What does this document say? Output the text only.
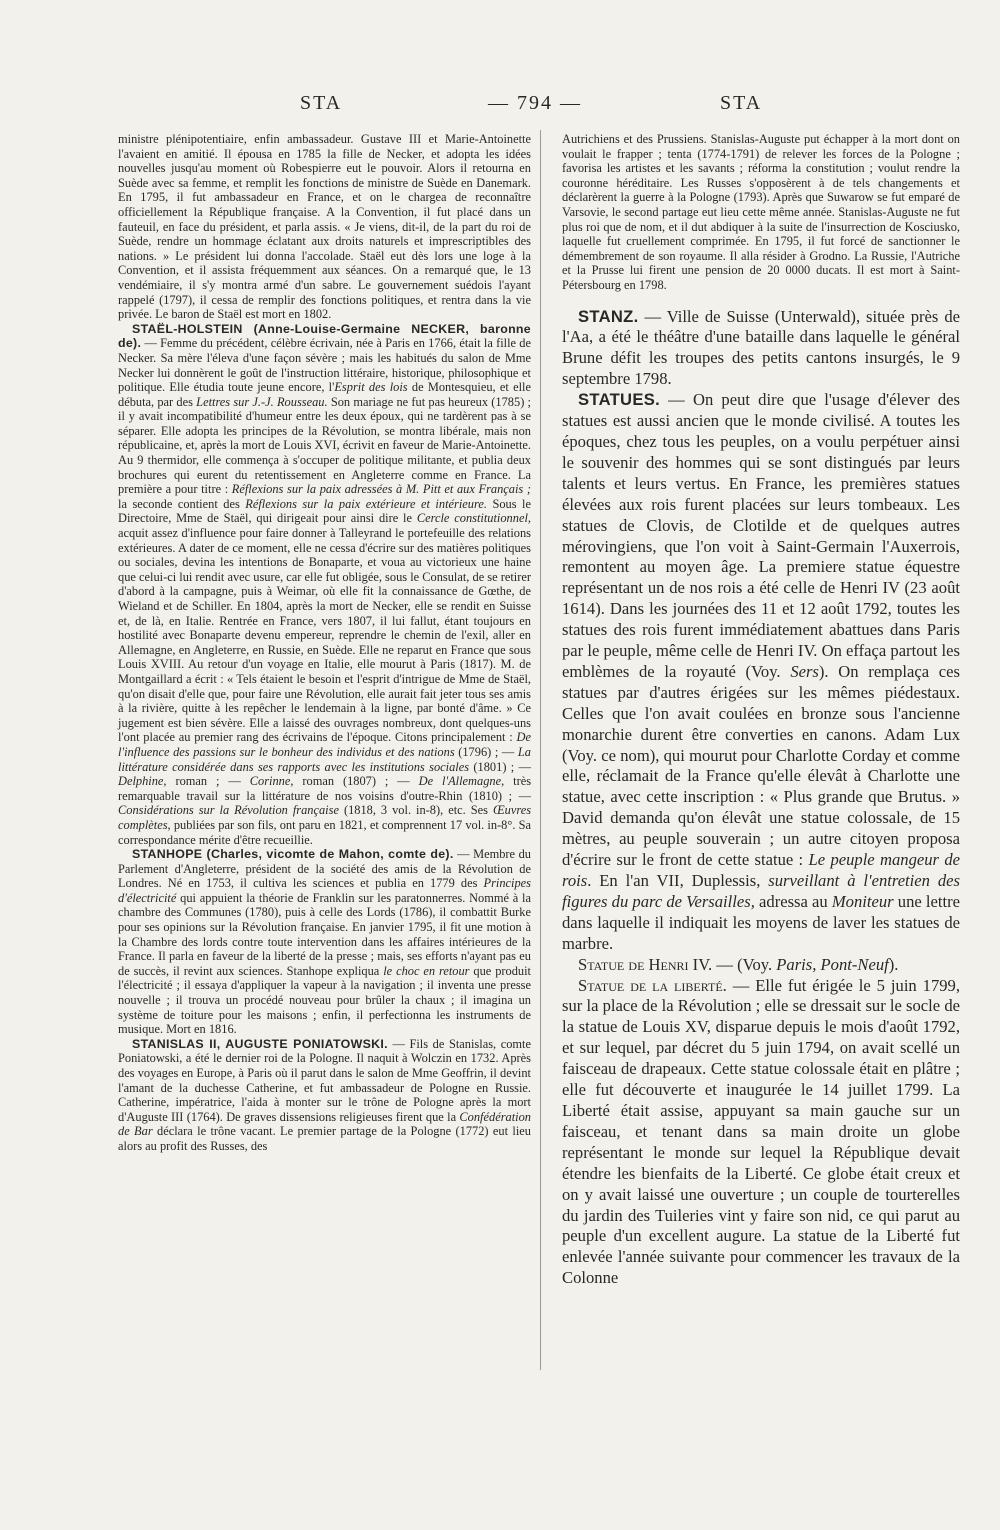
STA	— 794 —	STA

ministre plénipotentiaire, enfin ambassadeur. Gustave III et Marie-Antoinette l'avaient en amitié. Il épousa en 1785 la fille de Necker, et adopta les idées nouvelles jusqu'au moment où Robespierre eut le pouvoir. Alors il retourna en Suède avec sa femme, et remplit les fonctions de ministre de Suède en Danemark. En 1795, il fut ambassadeur en France, et on le chargea de reconnaître officiellement la République française. A la Convention, il fut placé dans un fauteuil, en face du président, et parla assis. « Je viens, dit-il, de la part du roi de Suède, rendre un hommage éclatant aux droits naturels et imprescriptibles des nations. » Le président lui donna l'accolade. Staël eut dès lors une loge à la Convention, et il assista fréquemment aux séances. On a remarqué que, le 13 vendémiaire, il s'y montra armé d'un sabre. Le gouvernement suédois l'ayant rappelé (1797), il cessa de remplir des fonctions politiques, et rentra dans la vie privée. Le baron de Staël est mort en 1802.

STAËL-HOLSTEIN (Anne-Louise-Germaine NECKER, baronne de). — Femme du précédent, célèbre écrivain, née à Paris en 1766, était la fille de Necker. Sa mère l'éleva d'une façon sévère ; mais les habitués du salon de Mme Necker lui donnèrent le goût de l'instruction littéraire, historique, philosophique et politique. Elle étudia toute jeune encore, l'Esprit des lois de Montesquieu, et elle débuta, par des Lettres sur J.-J. Rousseau. Son mariage ne fut pas heureux (1785) ; il y avait incompatibilité d'humeur entre les deux époux, qui ne tardèrent pas à se séparer. Elle adopta les principes de la Révolution, se montra libérale, mais non républicaine, et, après la mort de Louis XVI, écrivit en faveur de Marie-Antoinette. Au 9 thermidor, elle commença à s'occuper de politique militante, et publia deux brochures qui eurent du retentissement en Angleterre comme en France. La première a pour titre : Réflexions sur la paix adressées à M. Pitt et aux Français ; la seconde contient des Réflexions sur la paix extérieure et intérieure. Sous le Directoire, Mme de Staël, qui dirigeait pour ainsi dire le Cercle constitutionnel, acquit assez d'influence pour faire donner à Talleyrand le portefeuille des relations extérieures. A dater de ce moment, elle ne cessa d'écrire sur des matières politiques ou sociales, devina les intentions de Bonaparte, et voua au victorieux une haine que celui-ci lui rendit avec usure, car elle fut obligée, sous le Consulat, de se retirer d'abord à la campagne, puis à Weimar, où elle fit la connaissance de Gœthe, de Wieland et de Schiller. En 1804, après la mort de Necker, elle se rendit en Suisse et, de là, en Italie. Rentrée en France, vers 1807, il lui fallut, étant toujours en hostilité avec Bonaparte devenu empereur, reprendre le chemin de l'exil, aller en Allemagne, en Angleterre, en Russie, en Suède. Elle ne reparut en France que sous Louis XVIII. Au retour d'un voyage en Italie, elle mourut à Paris (1817). M. de Montgaillard a écrit : « Tels étaient le besoin et l'esprit d'intrigue de Mme de Staël, qu'on disait d'elle que, pour faire une Révolution, elle aurait fait jeter tous ses amis à la rivière, quitte à les repêcher le lendemain à la ligne, par bonté d'âme. » Ce jugement est bien sévère. Elle a laissé des ouvrages nombreux, dont quelques-uns l'ont placée au premier rang des écrivains de l'époque. Citons principalement : De l'influence des passions sur le bonheur des individus et des nations (1796) ; — La littérature considérée dans ses rapports avec les institutions sociales (1801) ; — Delphine, roman ; — Corinne, roman (1807) ; — De l'Allemagne, très remarquable travail sur la littérature de nos voisins d'outre-Rhin (1810) ; — Considérations sur la Révolution française (1818, 3 vol. in-8), etc. Ses Œuvres complètes, publiées par son fils, ont paru en 1821, et comprennent 17 vol. in-8°. Sa correspondance mérite d'être recueillie.

STANHOPE (Charles, vicomte de Mahon, comte de). — Membre du Parlement d'Angleterre, président de la société des amis de la Révolution de Londres. Né en 1753, il cultiva les sciences et publia en 1779 des Principes d'électricité qui appuient la théorie de Franklin sur les paratonnerres. Nommé à la chambre des Communes (1780), puis à celle des Lords (1786), il combattit Burke pour ses opinions sur la Révolution française. En janvier 1795, il fit une motion à la Chambre des lords contre toute intervention dans les affaires intérieures de la France. Il parla en faveur de la liberté de la presse ; mais, ses efforts n'ayant pas eu de succès, il revint aux sciences. Stanhope expliqua le choc en retour que produit l'électricité ; il essaya d'appliquer la vapeur à la navigation ; il inventa une presse nouvelle ; il trouva un procédé nouveau pour brûler la chaux ; il imagina un système de toiture pour les maisons ; enfin, il perfectionna les instruments de musique. Mort en 1816.

STANISLAS II, AUGUSTE PONIATOWSKI. — Fils de Stanislas, comte Poniatowski, a été le dernier roi de la Pologne. Il naquit à Wolczin en 1732. Après des voyages en Europe, à Paris où il parut dans le salon de Mme Geoffrin, il devint l'amant de la duchesse Catherine, et fut ambassadeur de Pologne en Russie. Catherine, impératrice, l'aida à monter sur le trône de Pologne après la mort d'Auguste III (1764). De graves dissensions religieuses firent que la Confédération de Bar déclara le trône vacant. Le premier partage de la Pologne (1772) eut lieu alors au profit des Russes, des

Autrichiens et des Prussiens. Stanislas-Auguste put échapper à la mort dont on voulait le frapper ; tenta (1774-1791) de relever les forces de la Pologne ; favorisa les artistes et les savants ; réforma la constitution ; voulut rendre la couronne héréditaire. Les Russes s'opposèrent à de tels changements et déclarèrent la guerre à la Pologne (1793). Après que Suwarow se fut emparé de Varsovie, le second partage eut lieu cette même année. Stanislas-Auguste ne fut plus roi que de nom, et il dut abdiquer à la suite de l'insurrection de Kosciusko, laquelle fut cruellement comprimée. En 1795, il fut forcé de sanctionner le démembrement de son royaume. Il alla résider à Grodno. La Russie, l'Autriche et la Prusse lui firent une pension de 20 0000 ducats. Il est mort à Saint-Pétersbourg en 1798.

STANZ. — Ville de Suisse (Unterwald), située près de l'Aa, a été le théâtre d'une bataille dans laquelle le général Brune défit les troupes des petits cantons insurgés, le 9 septembre 1798.

STATUES. — On peut dire que l'usage d'élever des statues est aussi ancien que le monde civilisé. A toutes les époques, chez tous les peuples, on a voulu perpétuer ainsi le souvenir des hommes qui se sont distingués par leurs talents et leurs vertus. En France, les premières statues élevées aux rois furent placées sur leurs tombeaux. Les statues de Clovis, de Clotilde et de quelques autres mérovingiens, que l'on voit à Saint-Germain l'Auxerrois, remontent au moyen âge. La premiere statue équestre représentant un de nos rois a été celle de Henri IV (23 août 1614). Dans les journées des 11 et 12 août 1792, toutes les statues des rois furent immédiatement abattues dans Paris par le peuple, même celle de Henri IV. On effaça partout les emblèmes de la royauté (Voy. Sers). On remplaça ces statues par d'autres érigées sur les mêmes piédestaux. Celles que l'on avait coulées en bronze sous l'ancienne monarchie durent être converties en canons. Adam Lux (Voy. ce nom), qui mourut pour Charlotte Corday et comme elle, réclamait de la France qu'elle élevât à Charlotte une statue, avec cette inscription : « Plus grande que Brutus. » David demanda qu'on élevât une statue colossale, de 15 mètres, au peuple souverain ; un autre citoyen proposa d'écrire sur le front de cette statue : Le peuple mangeur de rois. En l'an VII, Duplessis, surveillant à l'entretien des figures du parc de Versailles, adressa au Moniteur une lettre dans laquelle il indiquait les moyens de laver les statues de marbre.

Statue de Henri IV. — (Voy. Paris, Pont-Neuf).

Statue de la liberté. — Elle fut érigée le 5 juin 1799, sur la place de la Révolution ; elle se dressait sur le socle de la statue de Louis XV, disparue depuis le mois d'août 1792, et sur lequel, par décret du 5 juin 1794, on avait scellé un faisceau de drapeaux. Cette statue colossale était en plâtre ; elle fut découverte et inaugurée le 14 juillet 1799. La Liberté était assise, appuyant sa main gauche sur un faisceau, et tenant dans sa main droite un globe représentant le monde sur lequel la République devait étendre les bienfaits de la Liberté. Ce globe était creux et on y avait laissé une ouverture ; un couple de tourterelles du jardin des Tuileries vint y faire son nid, ce qui parut au peuple d'un excellent augure. La statue de la Liberté fut enlevée l'année suivante pour commencer les travaux de la Colonne
